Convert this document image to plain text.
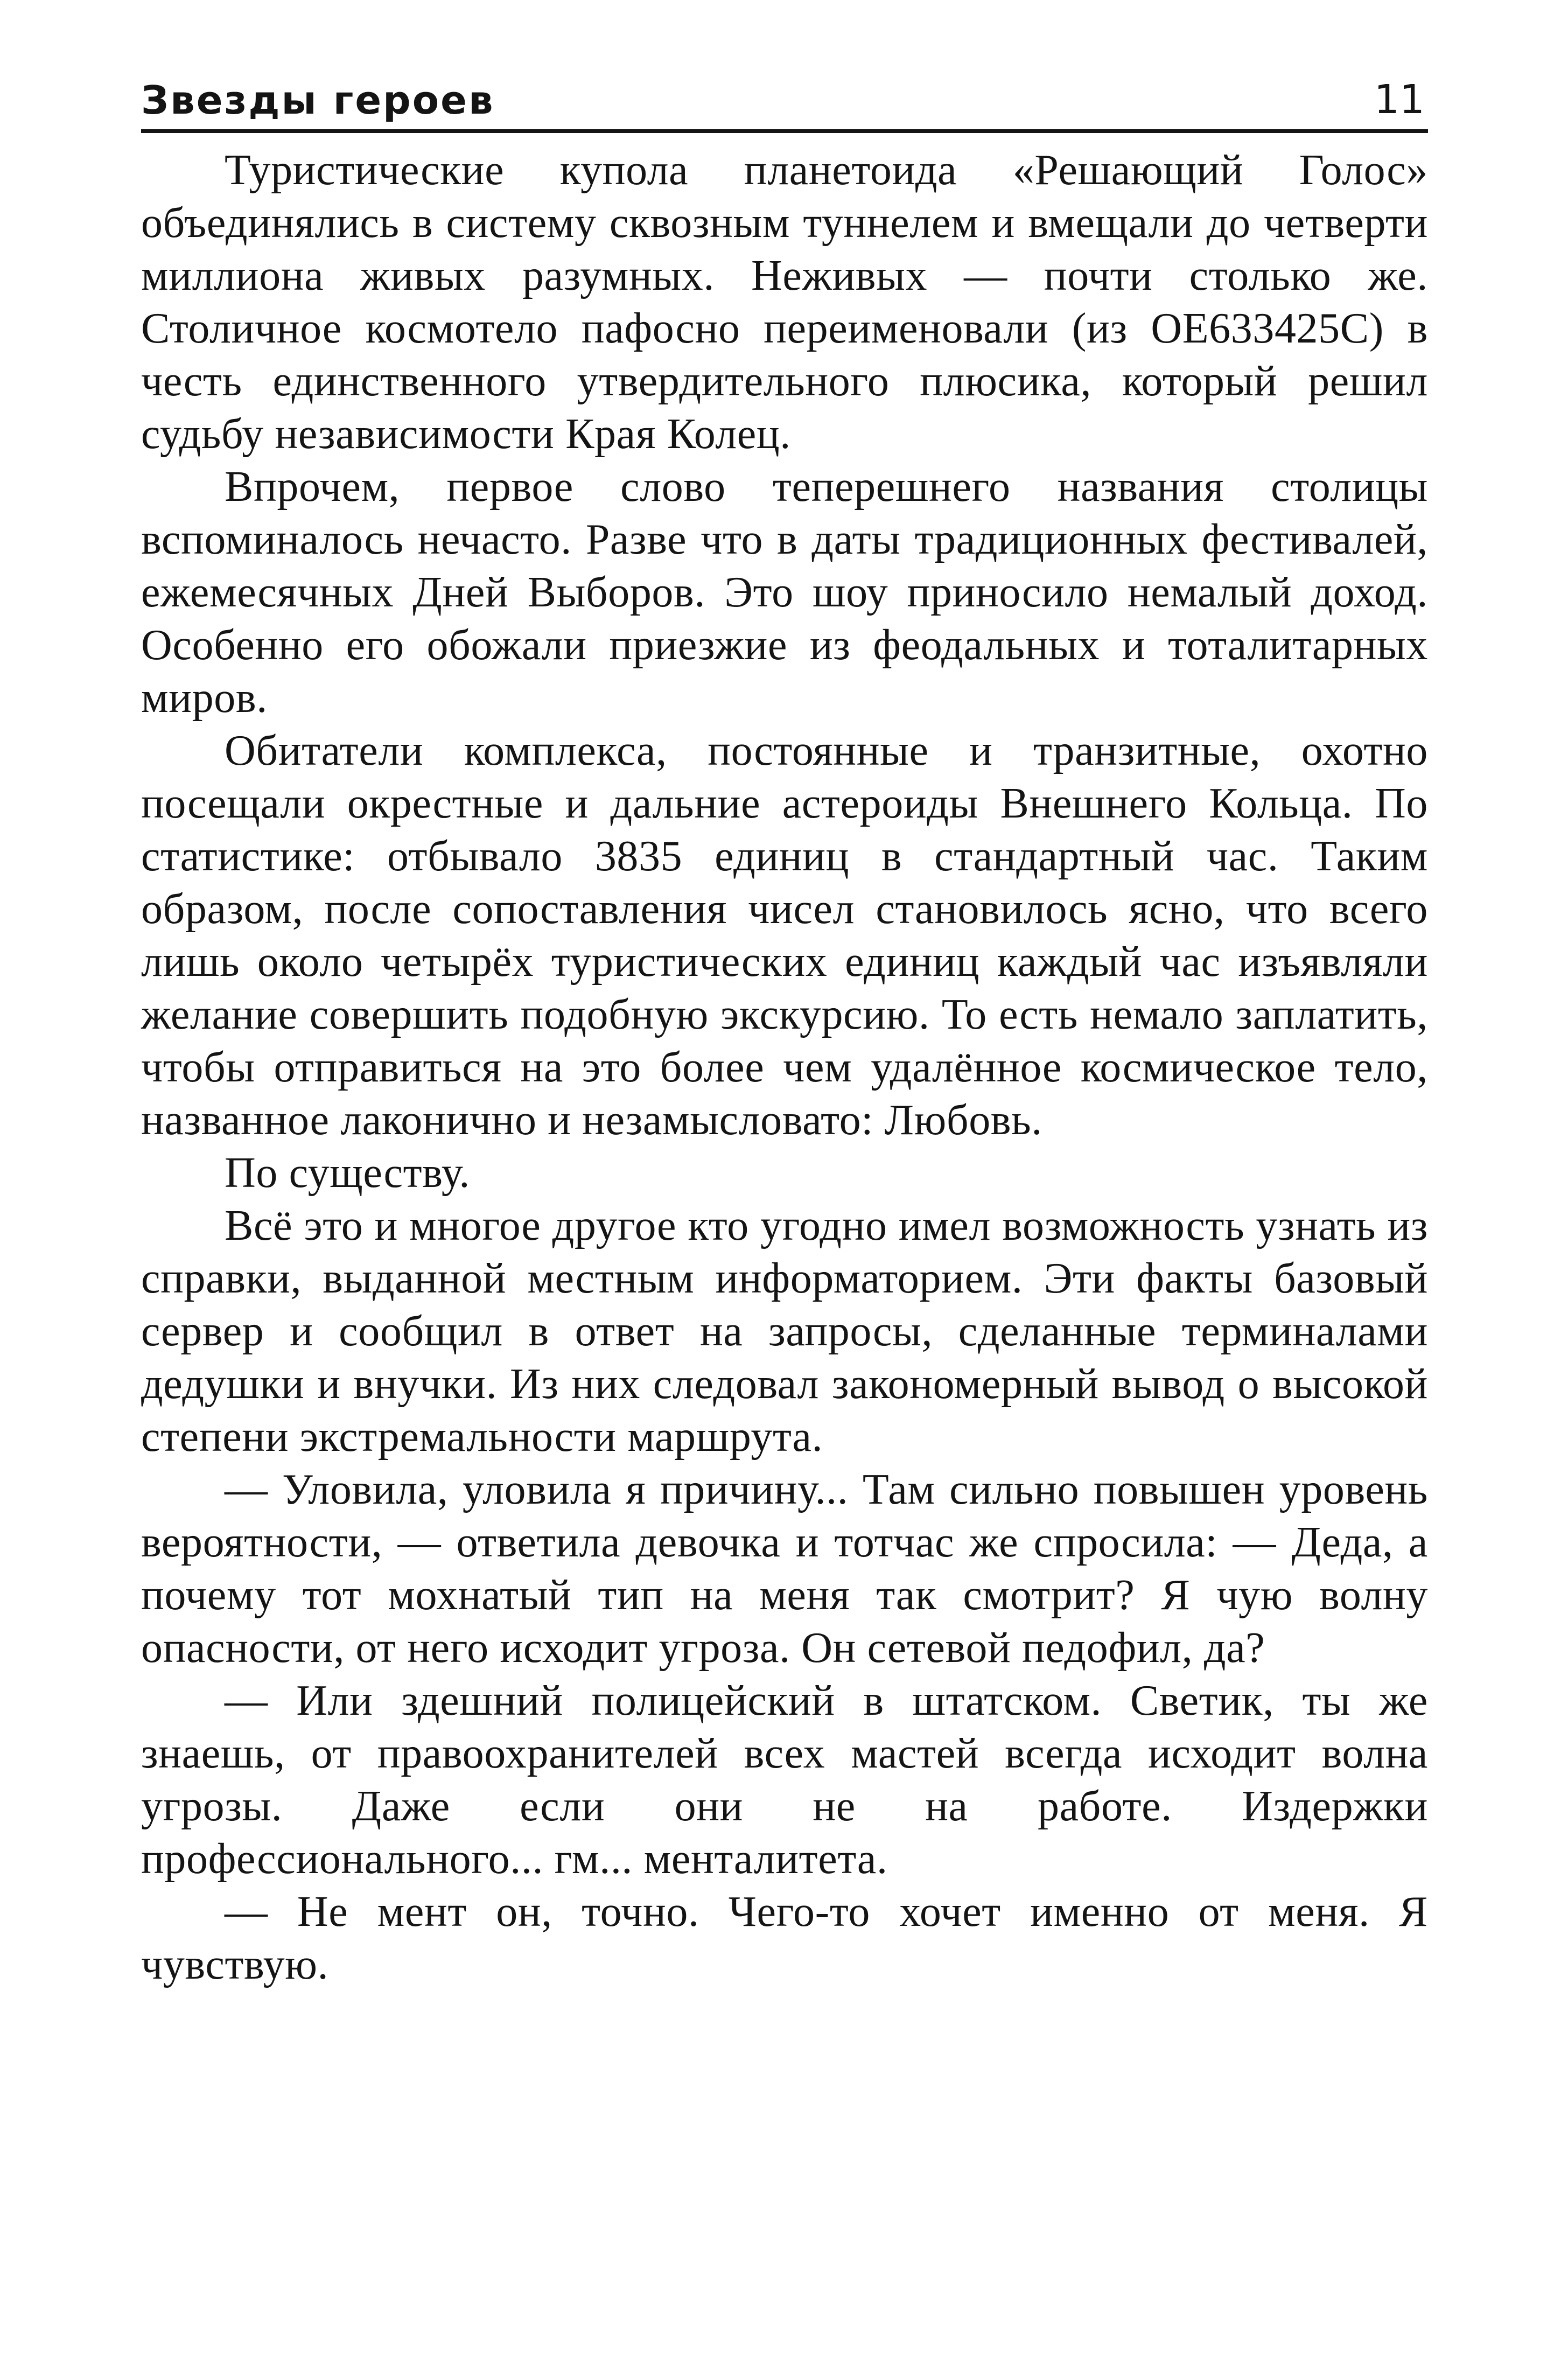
Звезды героев	11

Туристические купола планетоида «Решающий Голос» объединялись в систему сквозным туннелем и вмещали до четверти миллиона живых разумных. Неживых — почти столько же. Столичное космотело пафосно переименовали (из ОЕ633425С) в честь единственного утвердительного плюсика, который решил судьбу независимости Края Колец.

Впрочем, первое слово теперешнего названия столицы вспоминалось нечасто. Разве что в даты традиционных фестивалей, ежемесячных Дней Выборов. Это шоу приносило немалый доход. Особенно его обожали приезжие из феодальных и тоталитарных миров.

Обитатели комплекса, постоянные и транзитные, охотно посещали окрестные и дальние астероиды Внешнего Кольца. По статистике: отбывало 3835 единиц в стандартный час. Таким образом, после сопоставления чисел становилось ясно, что всего лишь около четырёх туристических единиц каждый час изъявляли желание совершить подобную экскурсию. То есть немало заплатить, чтобы отправиться на это более чем удалённое космическое тело, названное лаконично и незамысловато: Любовь.

По существу.

Всё это и многое другое кто угодно имел возможность узнать из справки, выданной местным информаторием. Эти факты базовый сервер и сообщил в ответ на запросы, сделанные терминалами дедушки и внучки. Из них следовал закономерный вывод о высокой степени экстремальности маршрута.

— Уловила, уловила я причину... Там сильно повышен уровень вероятности, — ответила девочка и тотчас же спросила: — Деда, а почему тот мохнатый тип на меня так смотрит? Я чую волну опасности, от него исходит угроза. Он сетевой педофил, да?

— Или здешний полицейский в штатском. Светик, ты же знаешь, от правоохранителей всех мастей всегда исходит волна угрозы. Даже если они не на работе. Издержки профессионального... гм... менталитета.

— Не мент он, точно. Чего-то хочет именно от меня. Я чувствую.
